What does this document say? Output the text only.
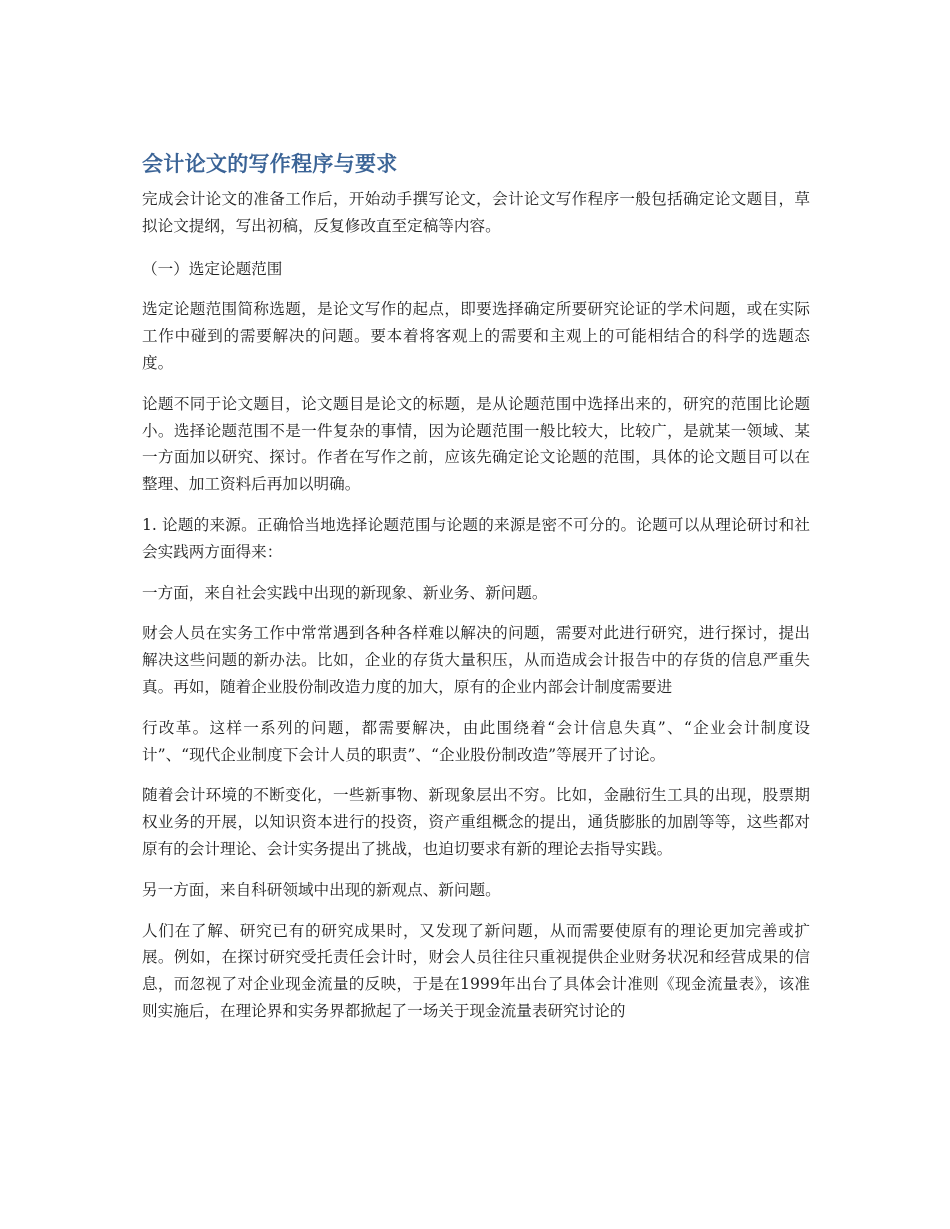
会计论文的写作程序与要求

完成会计论文的准备工作后，开始动手撰写论文，会计论文写作程序一般包括确定论文题目，草拟论文提纲，写出初稿，反复修改直至定稿等内容。

（一）选定论题范围

选定论题范围简称选题，是论文写作的起点，即要选择确定所要研究论证的学术问题，或在实际工作中碰到的需要解决的问题。要本着将客观上的需要和主观上的可能相结合的科学的选题态度。

论题不同于论文题目，论文题目是论文的标题，是从论题范围中选择出来的，研究的范围比论题小。选择论题范围不是一件复杂的事情，因为论题范围一般比较大，比较广，是就某一领域、某一方面加以研究、探讨。作者在写作之前，应该先确定论文论题的范围，具体的论文题目可以在整理、加工资料后再加以明确。

1. 论题的来源。正确恰当地选择论题范围与论题的来源是密不可分的。论题可以从理论研讨和社会实践两方面得来：

一方面，来自社会实践中出现的新现象、新业务、新问题。

财会人员在实务工作中常常遇到各种各样难以解决的问题，需要对此进行研究，进行探讨，提出解决这些问题的新办法。比如，企业的存货大量积压，从而造成会计报告中的存货的信息严重失真。再如，随着企业股份制改造力度的加大，原有的企业内部会计制度需要进

行改革。这样一系列的问题，都需要解决，由此围绕着“会计信息失真”、“企业会计制度设计”、“现代企业制度下会计人员的职责”、“企业股份制改造”等展开了讨论。

随着会计环境的不断变化，一些新事物、新现象层出不穷。比如，金融衍生工具的出现，股票期权业务的开展，以知识资本进行的投资，资产重组概念的提出，通货膨胀的加剧等等，这些都对原有的会计理论、会计实务提出了挑战，也迫切要求有新的理论去指导实践。

另一方面，来自科研领域中出现的新观点、新问题。

人们在了解、研究已有的研究成果时，又发现了新问题，从而需要使原有的理论更加完善或扩展。例如，在探讨研究受托责任会计时，财会人员往往只重视提供企业财务状况和经营成果的信息，而忽视了对企业现金流量的反映，于是在1999年出台了具体会计准则《现金流量表》，该准则实施后，在理论界和实务界都掀起了一场关于现金流量表研究讨论的
